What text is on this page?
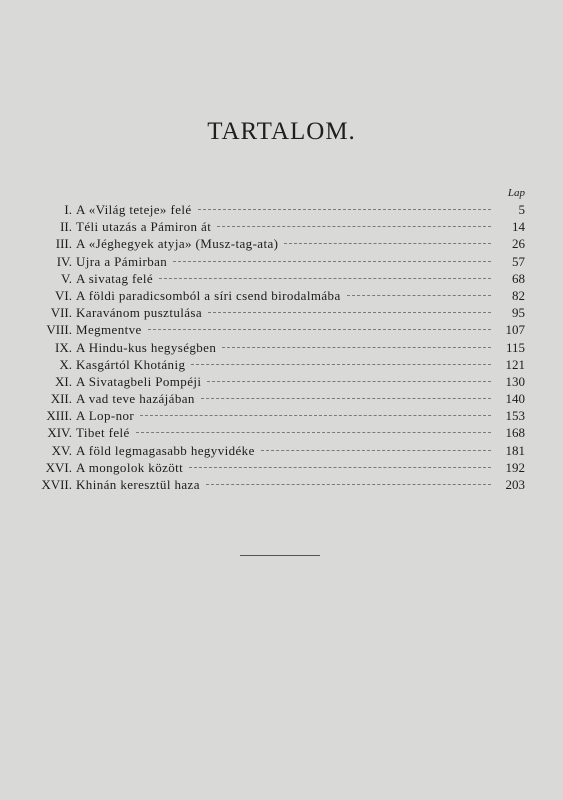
TARTALOM.
Lap
I. A «Világ teteje» felé	5
II. Téli utazás a Pámiron át	14
III. A «Jéghegyek atyja» (Musz-tag-ata)	26
IV. Ujra a Pámirban	57
V. A sivatag felé	68
VI. A földi paradicsomból a síri csend birodalmába	82
VII. Karavánom pusztulása	95
VIII. Megmentve	107
IX. A Hindu-kus hegységben	115
X. Kasgártól Khotánig	121
XI. A Sivatagbeli Pompéji	130
XII. A vad teve hazájában	140
XIII. A Lop-nor	153
XIV. Tibet felé	168
XV. A föld legmagasabb hegyvidéke	181
XVI. A mongolok között	192
XVII. Khinán keresztül haza	203
